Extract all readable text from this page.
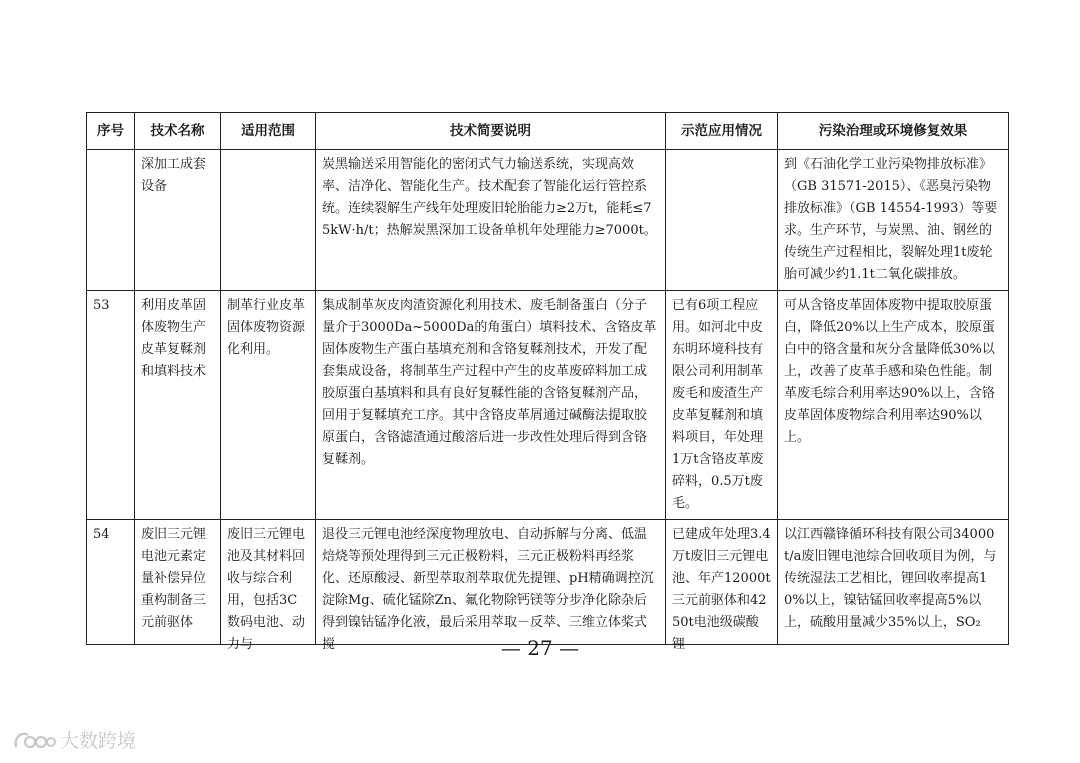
序号	技术名称	适用范围	技术简要说明	示范应用情况	污染治理或环境修复效果
	深加工成套设备		炭黑输送采用智能化的密闭式气力输送系统，实现高效率、洁净化、智能化生产。技术配套了智能化运行管控系统。连续裂解生产线年处理废旧轮胎能力≥2万t，能耗≤75kW·h/t；热解炭黑深加工设备单机年处理能力≥7000t。		到《石油化学工业污染物排放标准》（GB 31571-2015）、《恶臭污染物排放标准》（GB 14554-1993）等要求。生产环节，与炭黑、油、钢丝的传统生产过程相比，裂解处理1t废轮胎可减少约1.1t二氧化碳排放。
53	利用皮革固体废物生产皮革复鞣剂和填料技术	制革行业皮革固体废物资源化利用。	集成制革灰皮肉渣资源化利用技术、废毛制备蛋白（分子量介于3000Da~5000Da的角蛋白）填料技术、含铬皮革固体废物生产蛋白基填充剂和含铬复鞣剂技术，开发了配套集成设备，将制革生产过程中产生的皮革废碎料加工成胶原蛋白基填料和具有良好复鞣性能的含铬复鞣剂产品，回用于复鞣填充工序。其中含铬皮革屑通过碱酶法提取胶原蛋白，含铬滤渣通过酸溶后进一步改性处理后得到含铬复鞣剂。	已有6项工程应用。如河北中皮东明环境科技有限公司利用制革废毛和废渣生产皮革复鞣剂和填料项目，年处理1万t含铬皮革废碎料，0.5万t废毛。	可从含铬皮革固体废物中提取胶原蛋白，降低20%以上生产成本，胶原蛋白中的铬含量和灰分含量降低30%以上，改善了皮革手感和染色性能。制革废毛综合利用率达90%以上，含铬皮革固体废物综合利用率达90%以上。
54	废旧三元锂电池元素定量补偿异位重构制备三元前驱体	废旧三元锂电池及其材料回收与综合利用，包括3C数码电池、动力与	退役三元锂电池经深度物理放电、自动拆解与分离、低温焙烧等预处理得到三元正极粉料，三元正极粉料再经浆化、还原酸浸、新型萃取剂萃取优先提锂、pH精确调控沉淀除Mg、硫化锰除Zn、氟化物除钙镁等分步净化除杂后得到镍钴锰净化液，最后采用萃取－反萃、三维立体桨式搅	已建成年处理3.4万t废旧三元锂电池、年产12000t三元前驱体和4250t电池级碳酸锂	以江西赣锋循环科技有限公司34000t/a废旧锂电池综合回收项目为例，与传统湿法工艺相比，锂回收率提高10%以上，镍钴锰回收率提高5%以上，硫酸用量减少35%以上，SO₂
— 27 —
大数跨境
